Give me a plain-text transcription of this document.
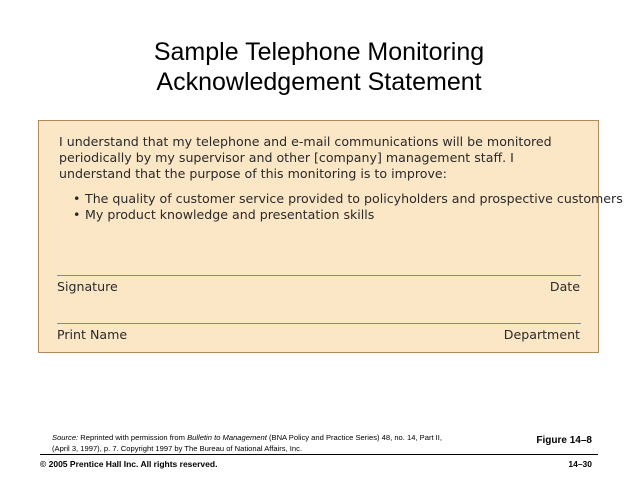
Sample Telephone Monitoring
Acknowledgement Statement
I understand that my telephone and e-mail communications will be monitored periodically by my supervisor and other [company] management staff. I understand that the purpose of this monitoring is to improve:
• The quality of customer service provided to policyholders and prospective customers
• My product knowledge and presentation skills
Signature	Date
Print Name	Department
Source: Reprinted with permission from Bulletin to Management (BNA Policy and Practice Series) 48, no. 14, Part II, (April 3, 1997), p. 7. Copyright 1997 by The Bureau of National Affairs, Inc.
Figure 14–8
© 2005 Prentice Hall Inc. All rights reserved.	14–30
